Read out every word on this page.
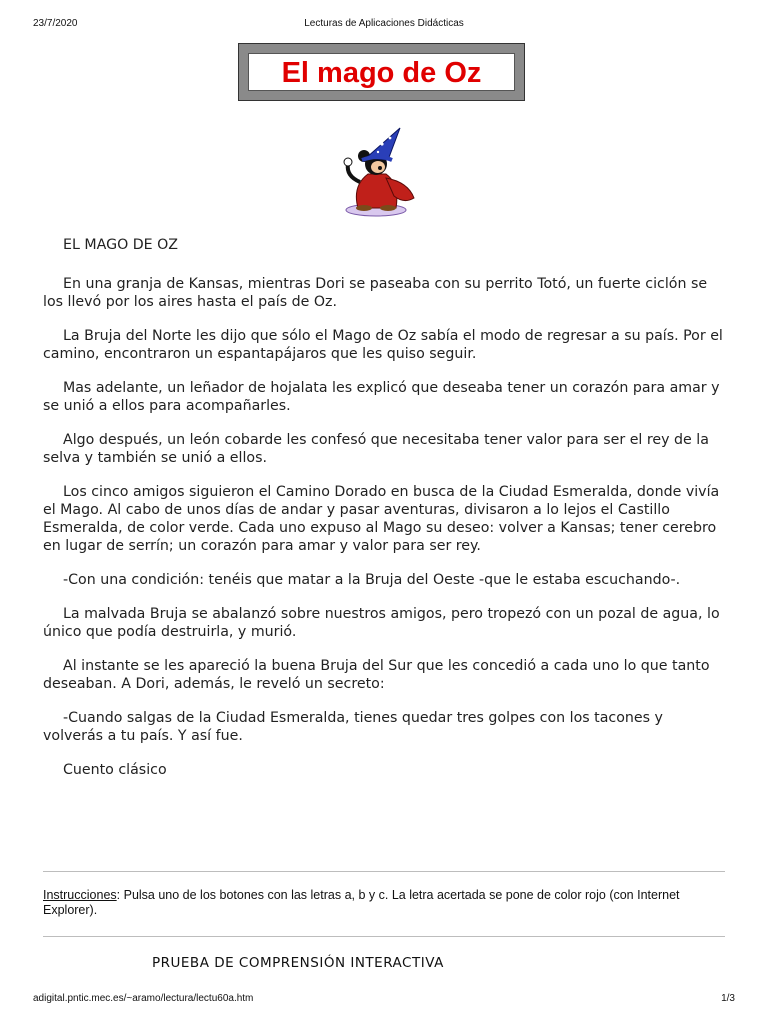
23/7/2020	Lecturas de Aplicaciones Didácticas
El mago de Oz

EL MAGO DE OZ

En una granja de Kansas, mientras Dori se paseaba con su perrito Totó, un fuerte ciclón se los llevó por los aires hasta el país de Oz.

La Bruja del Norte les dijo que sólo el Mago de Oz sabía el modo de regresar a su país. Por el camino, encontraron un espantapájaros que les quiso seguir.

Mas adelante, un leñador de hojalata les explicó que deseaba tener un corazón para amar y se unió a ellos para acompañarles.

Algo después, un león cobarde les confesó que necesitaba tener valor para ser el rey de la selva y también se unió a ellos.

Los cinco amigos siguieron el Camino Dorado en busca de la Ciudad Esmeralda, donde vivía el Mago. Al cabo de unos días de andar y pasar aventuras, divisaron a lo lejos el Castillo Esmeralda, de color verde. Cada uno expuso al Mago su deseo: volver a Kansas; tener cerebro en lugar de serrín; un corazón para amar y valor para ser rey.

-Con una condición: tenéis que matar a la Bruja del Oeste -que le estaba escuchando-.

La malvada Bruja se abalanzó sobre nuestros amigos, pero tropezó con un pozal de agua, lo único que podía destruirla, y murió.

Al instante se les apareció la buena Bruja del Sur que les concedió a cada uno lo que tanto deseaban. A Dori, además, le reveló un secreto:

-Cuando salgas de la Ciudad Esmeralda, tienes quedar tres golpes con los tacones y volverás a tu país. Y así fue.

Cuento clásico

Instrucciones: Pulsa uno de los botones con las letras a, b y c. La letra acertada se pone de color rojo (con Internet Explorer).
PRUEBA DE COMPRENSIÓN INTERACTIVA
adigital.pntic.mec.es/~aramo/lectura/lectu60a.htm	1/3
